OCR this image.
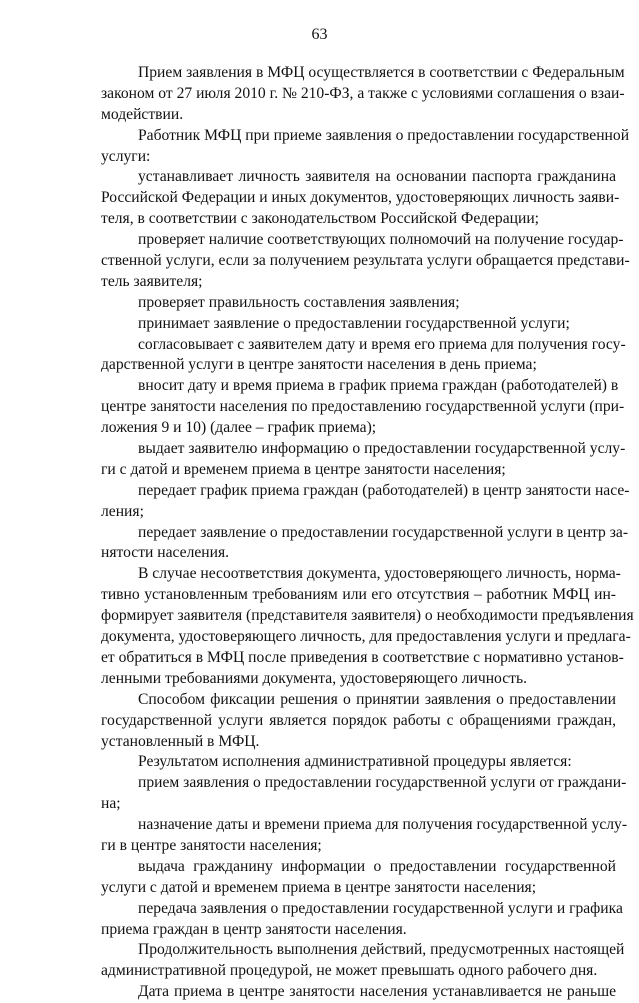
63
Прием заявления в МФЦ осуществляется в соответствии с Федеральным
законом от 27 июля 2010 г. № 210-ФЗ, а также с условиями соглашения о взаи-
модействии.
Работник МФЦ при приеме заявления о предоставлении государственной
услуги:
устанавливает личность заявителя на основании паспорта гражданина
Российской Федерации и иных документов, удостоверяющих личность заяви-
теля, в соответствии с законодательством Российской Федерации;
проверяет наличие соответствующих полномочий на получение государ-
ственной услуги, если за получением результата услуги обращается представи-
тель заявителя;
проверяет правильность составления заявления;
принимает заявление о предоставлении государственной услуги;
согласовывает с заявителем дату и время его приема для получения госу-
дарственной услуги в центре занятости населения в день приема;
вносит дату и время приема в график приема граждан (работодателей) в
центре занятости населения по предоставлению государственной услуги (при-
ложения 9 и 10) (далее – график приема);
выдает заявителю информацию о предоставлении государственной услу-
ги с датой и временем приема в центре занятости населения;
передает график приема граждан (работодателей) в центр занятости насе-
ления;
передает заявление о предоставлении государственной услуги в центр за-
нятости населения.
В случае несоответствия документа, удостоверяющего личность, норма-
тивно установленным требованиям или его отсутствия – работник МФЦ ин-
формирует заявителя (представителя заявителя) о необходимости предъявления
документа, удостоверяющего личность, для предоставления услуги и предлага-
ет обратиться в МФЦ после приведения в соответствие с нормативно установ-
ленными требованиями документа, удостоверяющего личность.
Способом фиксации решения о принятии заявления о предоставлении
государственной услуги является порядок работы с обращениями граждан,
установленный в МФЦ.
Результатом исполнения административной процедуры является:
прием заявления о предоставлении государственной услуги от граждани-
на;
назначение даты и времени приема для получения государственной услу-
ги в центре занятости населения;
выдача гражданину информации о предоставлении государственной
услуги с датой и временем приема в центре занятости населения;
передача заявления о предоставлении государственной услуги и графика
приема граждан в центр занятости населения.
Продолжительность выполнения действий, предусмотренных настоящей
административной процедурой, не может превышать одного рабочего дня.
Дата приема в центре занятости населения устанавливается не раньше
